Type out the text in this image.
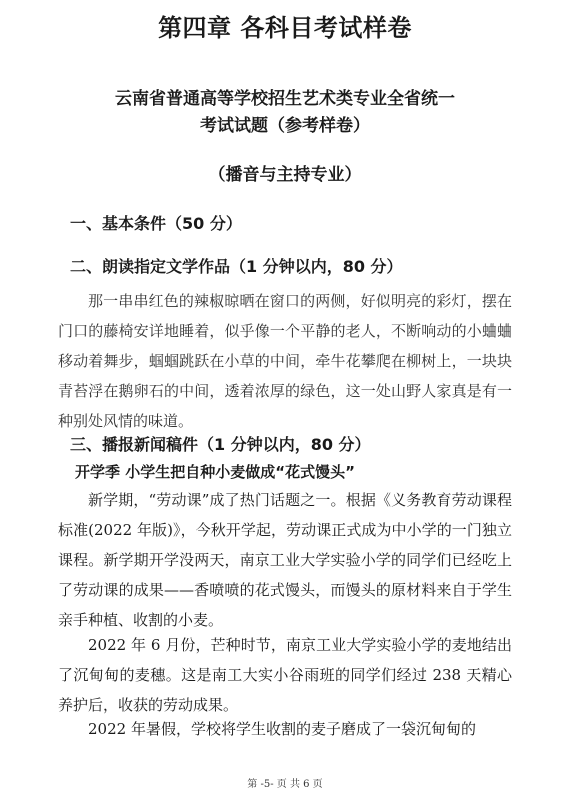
第四章 各科目考试样卷
云南省普通高等学校招生艺术类专业全省统一
考试试题（参考样卷）
（播音与主持专业）
一、基本条件（50 分）
二、朗读指定文学作品（1 分钟以内，80 分）

那一串串红色的辣椒晾晒在窗口的两侧，好似明亮的彩灯，摆在门口的藤椅安详地睡着，似乎像一个平静的老人，不断响动的小蛐蛐移动着舞步，蝈蝈跳跃在小草的中间，牵牛花攀爬在柳树上，一块块青苔浮在鹅卵石的中间，透着浓厚的绿色，这一处山野人家真是有一种别处风情的味道。

三、播报新闻稿件（1 分钟以内，80 分）
开学季 小学生把自种小麦做成“花式馒头”

新学期，“劳动课”成了热门话题之一。根据《义务教育劳动课程标准(2022 年版)》，今秋开学起，劳动课正式成为中小学的一门独立课程。新学期开学没两天，南京工业大学实验小学的同学们已经吃上了劳动课的成果——香喷喷的花式馒头，而馒头的原材料来自于学生亲手种植、收割的小麦。

2022 年 6 月份，芒种时节，南京工业大学实验小学的麦地结出了沉甸甸的麦穗。这是南工大实小谷雨班的同学们经过 238 天精心养护后，收获的劳动成果。

2022 年暑假，学校将学生收割的麦子磨成了一袋沉甸甸的

第 -5- 页 共 6 页
